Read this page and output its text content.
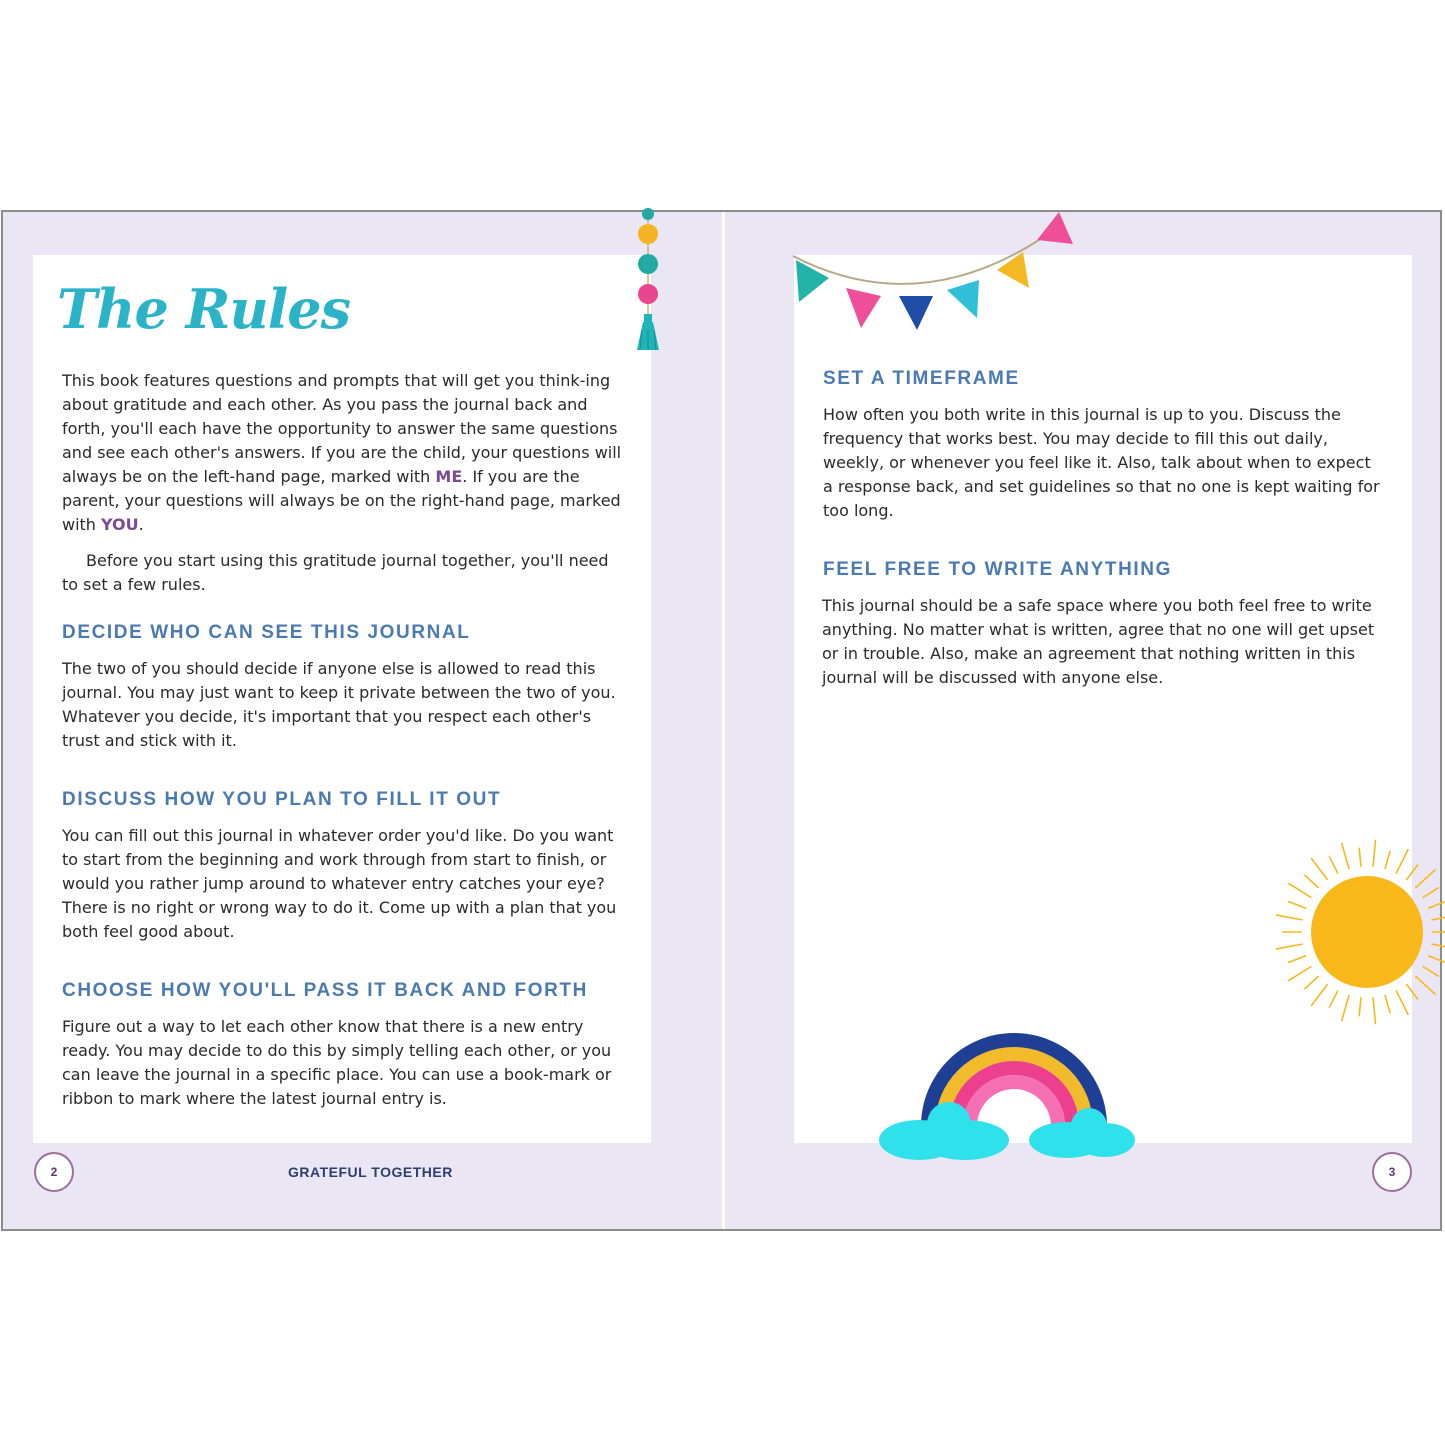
The Rules

This book features questions and prompts that will get you think-ing about gratitude and each other. As you pass the journal back and forth, you'll each have the opportunity to answer the same questions and see each other's answers. If you are the child, your questions will always be on the left-hand page, marked with ME. If you are the parent, your questions will always be on the right-hand page, marked with YOU.

Before you start using this gratitude journal together, you'll need to set a few rules.

DECIDE WHO CAN SEE THIS JOURNAL

The two of you should decide if anyone else is allowed to read this journal. You may just want to keep it private between the two of you. Whatever you decide, it's important that you respect each other's trust and stick with it.

DISCUSS HOW YOU PLAN TO FILL IT OUT

You can fill out this journal in whatever order you'd like. Do you want to start from the beginning and work through from start to finish, or would you rather jump around to whatever entry catches your eye? There is no right or wrong way to do it. Come up with a plan that you both feel good about.

CHOOSE HOW YOU'LL PASS IT BACK AND FORTH

Figure out a way to let each other know that there is a new entry ready. You may decide to do this by simply telling each other, or you can leave the journal in a specific place. You can use a book-mark or ribbon to mark where the latest journal entry is.

2	GRATEFUL TOGETHER
SET A TIMEFRAME

How often you both write in this journal is up to you. Discuss the frequency that works best. You may decide to fill this out daily, weekly, or whenever you feel like it. Also, talk about when to expect a response back, and set guidelines so that no one is kept waiting for too long.

FEEL FREE TO WRITE ANYTHING

This journal should be a safe space where you both feel free to write anything. No matter what is written, agree that no one will get upset or in trouble. Also, make an agreement that nothing written in this journal will be discussed with anyone else.

3
